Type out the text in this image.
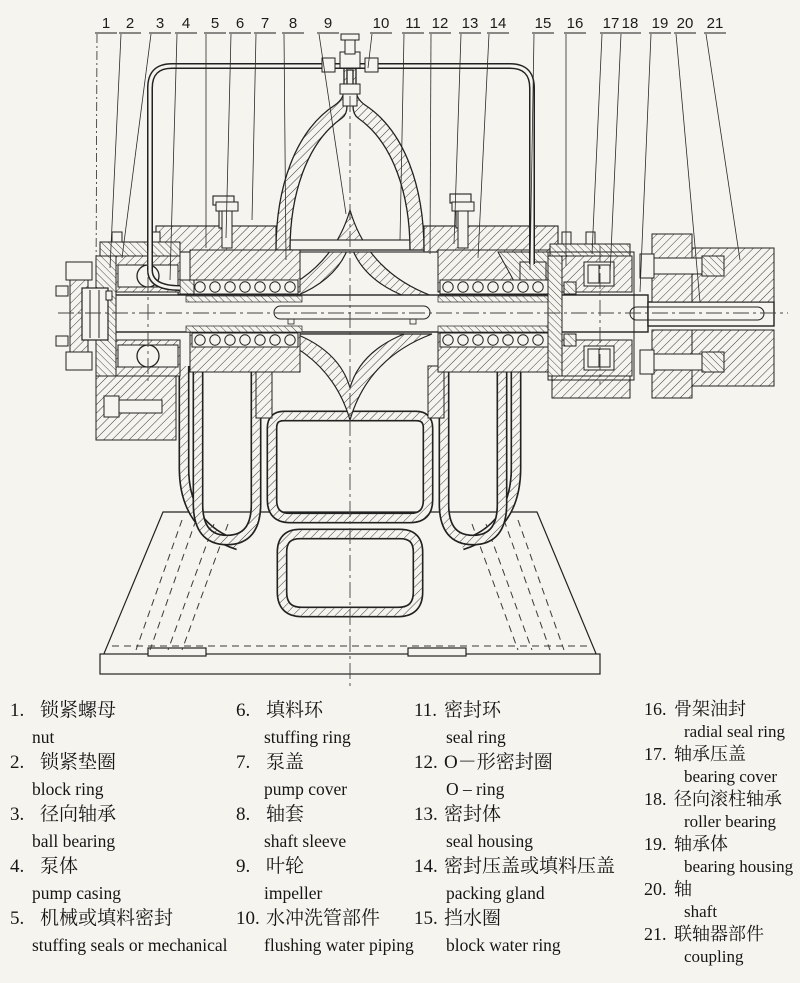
1 2 3 4 5 6 7 8 9	10 11 12 13 14 15 16 17 18 19 20 21
1. 锁紧螺母
nut
2. 锁紧垫圈
block ring
3. 径向轴承
ball bearing
4. 泵体
pump casing
5. 机械或填料密封
stuffing seals or mechanical
6. 填料环
stuffing ring
7. 泵盖
pump cover
8. 轴套
shaft sleeve
9. 叶轮
impeller
10. 水冲洗管部件
flushing water piping
11. 密封环
seal ring
12. O－形密封圈
O – ring
13. 密封体
seal housing
14. 密封压盖或填料压盖
packing gland
15. 挡水圈
block water ring
16. 骨架油封
radial seal ring
17. 轴承压盖
bearing cover
18. 径向滚柱轴承
roller bearing
19. 轴承体
bearing housing
20. 轴
shaft
21. 联轴器部件
coupling
